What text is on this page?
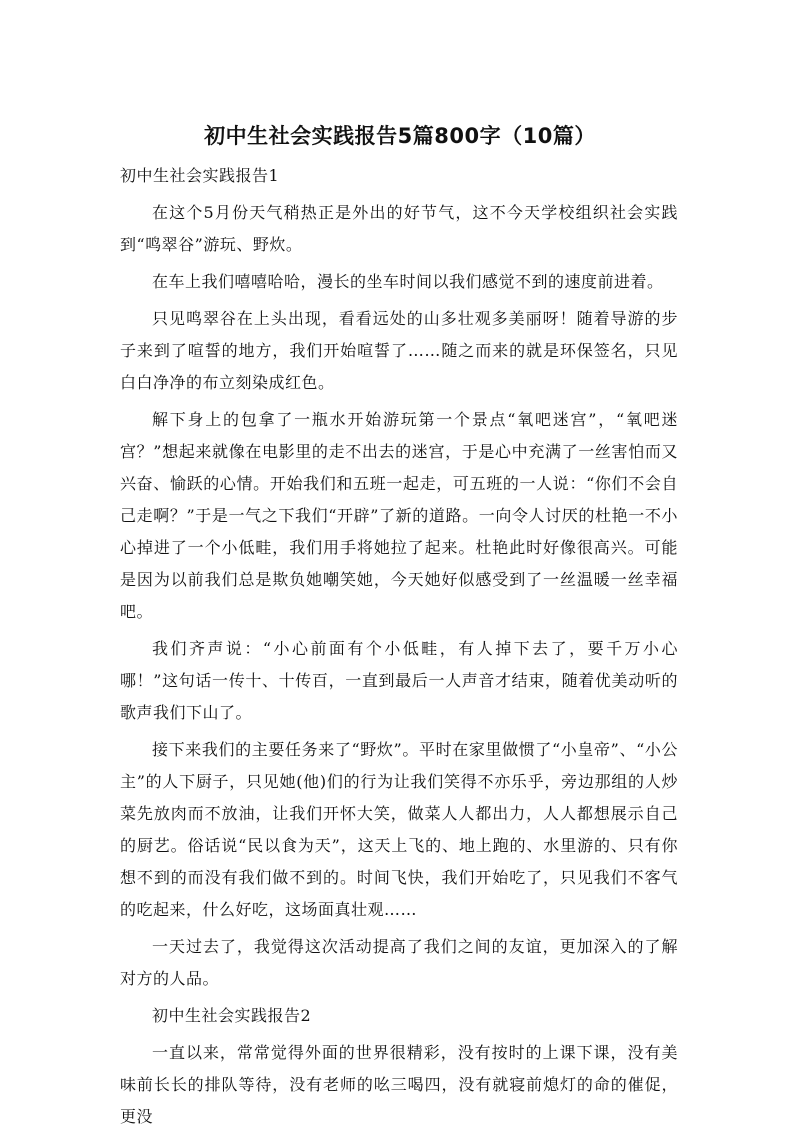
初中生社会实践报告5篇800字（10篇）

初中生社会实践报告1

在这个5月份天气稍热正是外出的好节气，这不今天学校组织社会实践到“鸣翠谷”游玩、野炊。

在车上我们嘻嘻哈哈，漫长的坐车时间以我们感觉不到的速度前进着。

只见鸣翠谷在上头出现，看看远处的山多壮观多美丽呀！随着导游的步子来到了喧誓的地方，我们开始喧誓了……随之而来的就是环保签名，只见白白净净的布立刻染成红色。

解下身上的包拿了一瓶水开始游玩第一个景点“氧吧迷宫”，“氧吧迷宫？”想起来就像在电影里的走不出去的迷宫，于是心中充满了一丝害怕而又兴奋、愉跃的心情。开始我们和五班一起走，可五班的一人说：“你们不会自己走啊？”于是一气之下我们“开辟”了新的道路。一向令人讨厌的杜艳一不小心掉进了一个小低畦，我们用手将她拉了起来。杜艳此时好像很高兴。可能是因为以前我们总是欺负她嘲笑她，今天她好似感受到了一丝温暖一丝幸福吧。

我们齐声说：“小心前面有个小低畦，有人掉下去了，要千万小心哪！”这句话一传十、十传百，一直到最后一人声音才结束，随着优美动听的歌声我们下山了。

接下来我们的主要任务来了“野炊”。平时在家里做惯了“小皇帝”、“小公主”的人下厨子，只见她(他)们的行为让我们笑得不亦乐乎，旁边那组的人炒菜先放肉而不放油，让我们开怀大笑，做菜人人都出力，人人都想展示自己的厨艺。俗话说“民以食为天”，这天上飞的、地上跑的、水里游的、只有你想不到的而没有我们做不到的。时间飞快，我们开始吃了，只见我们不客气的吃起来，什么好吃，这场面真壮观……

一天过去了，我觉得这次活动提高了我们之间的友谊，更加深入的了解对方的人品。

初中生社会实践报告2

一直以来，常常觉得外面的世界很精彩，没有按时的上课下课，没有美味前长长的排队等待，没有老师的吆三喝四，没有就寝前熄灯的命的催促，更没
